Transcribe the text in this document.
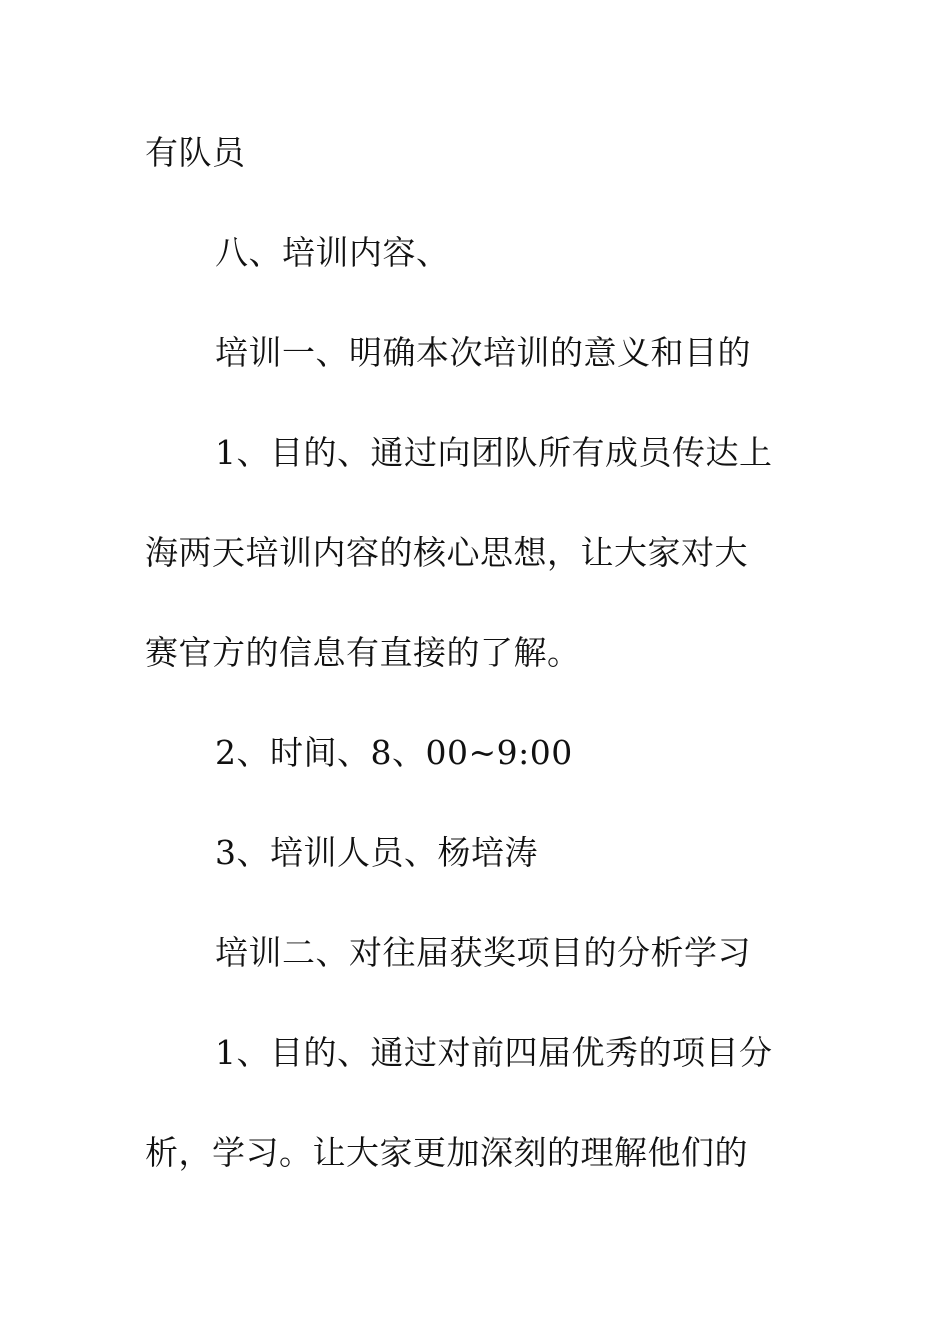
有队员
八、培训内容、
培训一、明确本次培训的意义和目的
1、目的、通过向团队所有成员传达上
海两天培训内容的核心思想，让大家对大
赛官方的信息有直接的了解。
2、时间、8、00~9:00
3、培训人员、杨培涛
培训二、对往届获奖项目的分析学习
1、目的、通过对前四届优秀的项目分
析，学习。让大家更加深刻的理解他们的
